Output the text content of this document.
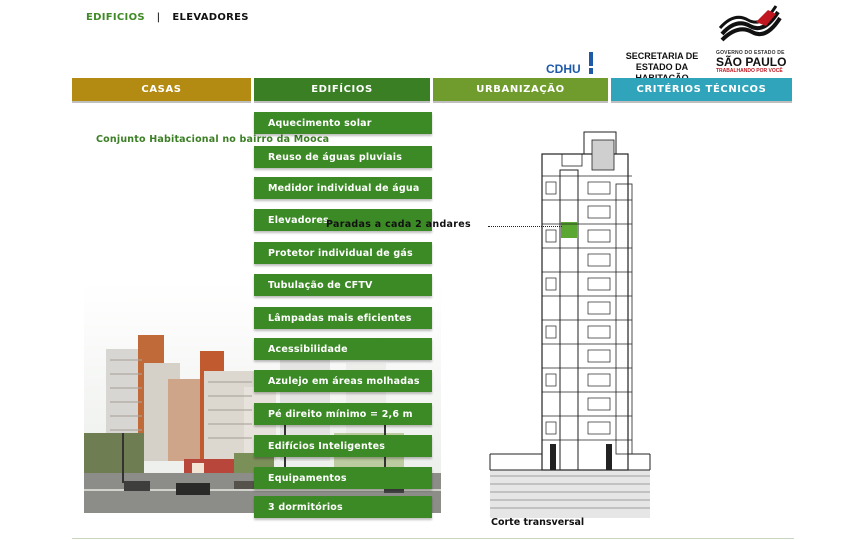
EDIFICIOS | ELEVADORES
CDHU
SECRETARIA DE
ESTADO DA
GOVERNO DO ESTADO DE
SÃO PAULO
TRABALHANDO POR VOCÊ
CASAS	EDIFÍCIOS	URBANIZAÇÃO	CRITÉRIOS TÉCNICOS
Conjunto Habitacional no bairro da Mooca
Aquecimento solar
Reuso de águas pluviais
Medidor individual de água
Elevadores
Protetor individual de gás
Tubulação de CFTV
Lâmpadas mais eficientes
Acessibilidade
Azulejo em áreas molhadas
Pé direito mínimo = 2,6 m
Edifícios Inteligentes
Equipamentos
3 dormitórios
Paradas a cada 2 andares
Corte transversal
